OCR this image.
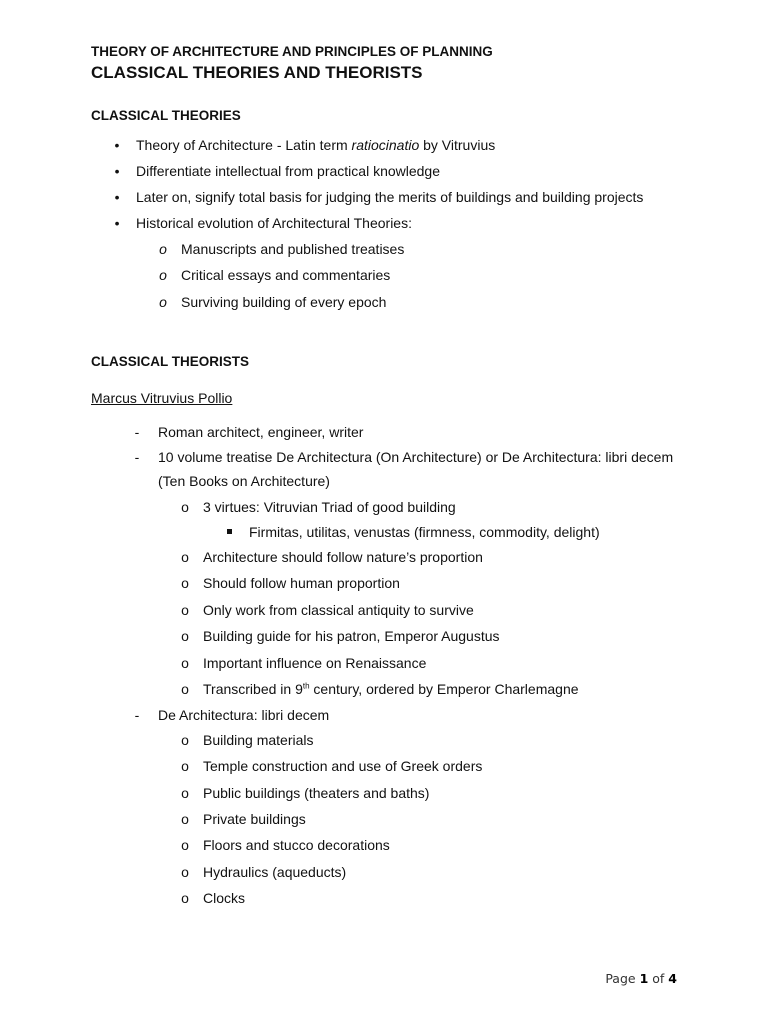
THEORY OF ARCHITECTURE AND PRINCIPLES OF PLANNING
CLASSICAL THEORIES AND THEORISTS
CLASSICAL THEORIES
•	Theory of Architecture - Latin term ratiocinatio by Vitruvius
•	Differentiate intellectual from practical knowledge
•	Later on, signify total basis for judging the merits of buildings and building projects
•	Historical evolution of Architectural Theories:
o Manuscripts and published treatises
o Critical essays and commentaries
o Surviving building of every epoch
CLASSICAL THEORISTS
Marcus Vitruvius Pollio
-	Roman architect, engineer, writer
-	10 volume treatise De Architectura (On Architecture) or De Architectura: libri decem
(Ten Books on Architecture)
o 3 virtues: Vitruvian Triad of good building
Firmitas, utilitas, venustas (firmness, commodity, delight)
o Architecture should follow nature’s proportion
o Should follow human proportion
o Only work from classical antiquity to survive
o Building guide for his patron, Emperor Augustus
o Important influence on Renaissance
o Transcribed in 9th century, ordered by Emperor Charlemagne
-	De Architectura: libri decem
o Building materials
o Temple construction and use of Greek orders
o Public buildings (theaters and baths)
o Private buildings
o Floors and stucco decorations
o Hydraulics (aqueducts)
o Clocks
Page 1 of 4
